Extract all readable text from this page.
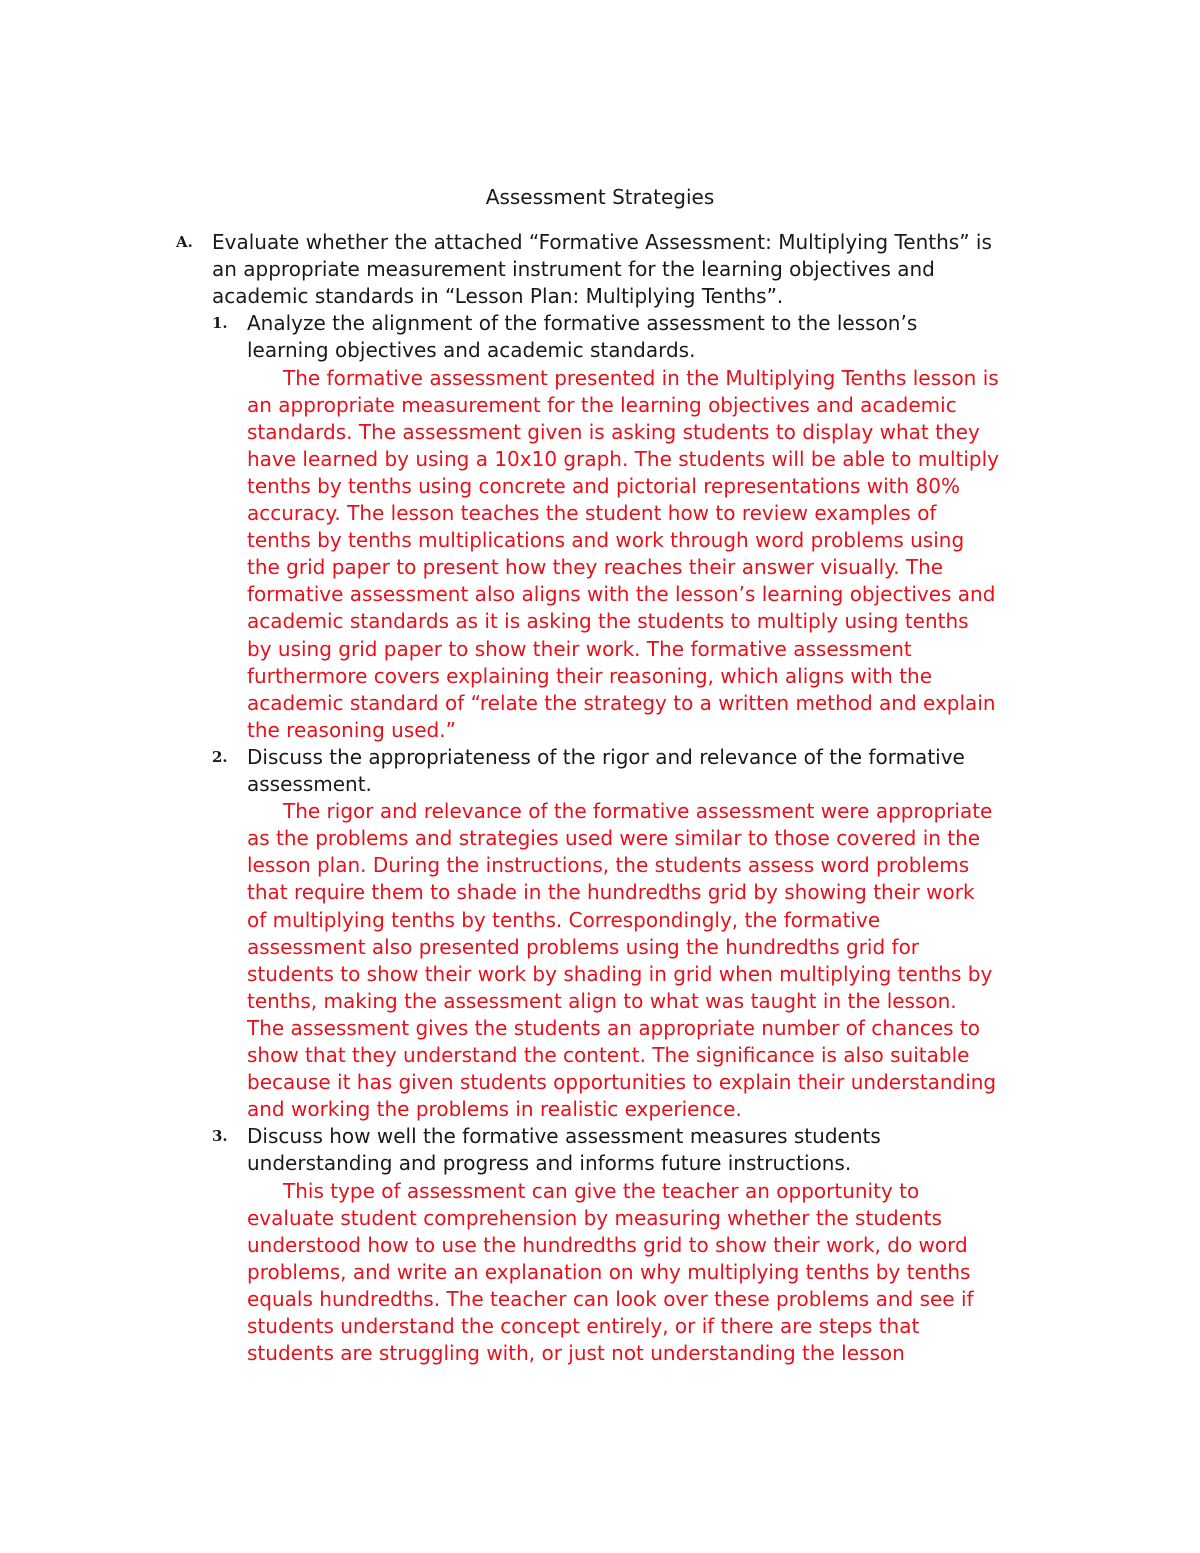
Assessment Strategies
A. Evaluate whether the attached “Formative Assessment: Multiplying Tenths” is
an appropriate measurement instrument for the learning objectives and
academic standards in “Lesson Plan: Multiplying Tenths”.
1. Analyze the alignment of the formative assessment to the lesson’s
learning objectives and academic standards.
The formative assessment presented in the Multiplying Tenths lesson is
an appropriate measurement for the learning objectives and academic
standards. The assessment given is asking students to display what they
have learned by using a 10x10 graph. The students will be able to multiply
tenths by tenths using concrete and pictorial representations with 80%
accuracy. The lesson teaches the student how to review examples of
tenths by tenths multiplications and work through word problems using
the grid paper to present how they reaches their answer visually. The
formative assessment also aligns with the lesson’s learning objectives and
academic standards as it is asking the students to multiply using tenths
by using grid paper to show their work. The formative assessment
furthermore covers explaining their reasoning, which aligns with the
academic standard of “relate the strategy to a written method and explain
the reasoning used.”
2. Discuss the appropriateness of the rigor and relevance of the formative
assessment.
The rigor and relevance of the formative assessment were appropriate
as the problems and strategies used were similar to those covered in the
lesson plan. During the instructions, the students assess word problems
that require them to shade in the hundredths grid by showing their work
of multiplying tenths by tenths. Correspondingly, the formative
assessment also presented problems using the hundredths grid for
students to show their work by shading in grid when multiplying tenths by
tenths, making the assessment align to what was taught in the lesson.
The assessment gives the students an appropriate number of chances to
show that they understand the content. The significance is also suitable
because it has given students opportunities to explain their understanding
and working the problems in realistic experience.
3. Discuss how well the formative assessment measures students
understanding and progress and informs future instructions.
This type of assessment can give the teacher an opportunity to
evaluate student comprehension by measuring whether the students
understood how to use the hundredths grid to show their work, do word
problems, and write an explanation on why multiplying tenths by tenths
equals hundredths. The teacher can look over these problems and see if
students understand the concept entirely, or if there are steps that
students are struggling with, or just not understanding the lesson
